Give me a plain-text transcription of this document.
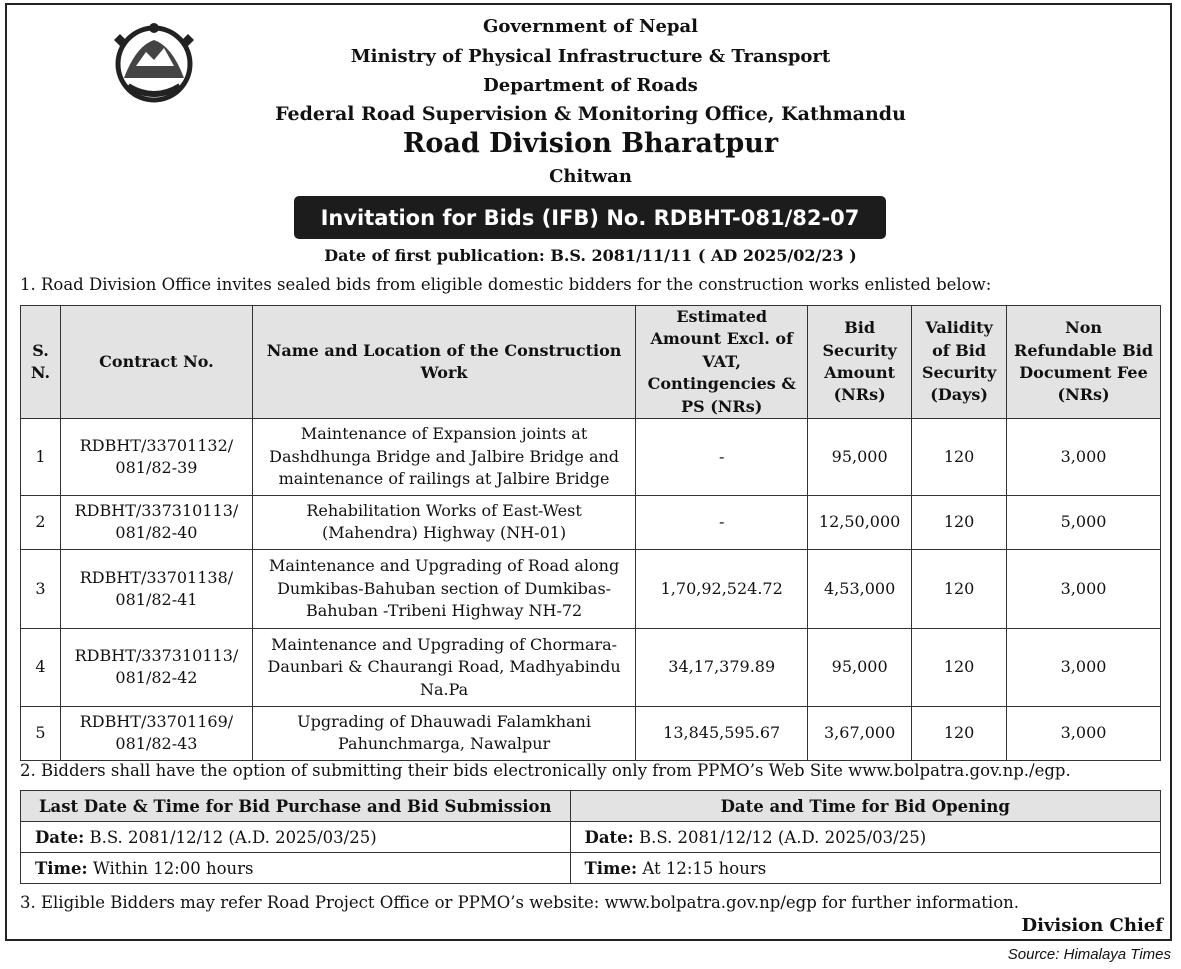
Government of Nepal
Ministry of Physical Infrastructure & Transport
Department of Roads
Federal Road Supervision & Monitoring Office, Kathmandu
Road Division Bharatpur
Chitwan
Invitation for Bids (IFB) No. RDBHT-081/82-07
Date of first publication: B.S. 2081/11/11 ( AD 2025/02/23 )
1. Road Division Office invites sealed bids from eligible domestic bidders for the construction works enlisted below:
S. N.	Contract No.	Name and Location of the Construction Work	Estimated Amount Excl. of VAT, Contingencies & PS (NRs)	Bid Security Amount (NRs)	Validity of Bid Security (Days)	Non Refundable Bid Document Fee (NRs)
1	RDBHT/33701132/ 081/82-39	Maintenance of Expansion joints at Dashdhunga Bridge and Jalbire Bridge and maintenance of railings at Jalbire Bridge	-	95,000	120	3,000
2	RDBHT/337310113/ 081/82-40	Rehabilitation Works of East-West (Mahendra) Highway (NH-01)	-	12,50,000	120	5,000
3	RDBHT/33701138/ 081/82-41	Maintenance and Upgrading of Road along Dumkibas-Bahuban section of Dumkibas-Bahuban -Tribeni Highway NH-72	1,70,92,524.72	4,53,000	120	3,000
4	RDBHT/337310113/ 081/82-42	Maintenance and Upgrading of Chormara-Daunbari & Chaurangi Road, Madhyabindu Na.Pa	34,17,379.89	95,000	120	3,000
5	RDBHT/33701169/ 081/82-43	Upgrading of Dhauwadi Falamkhani Pahunchmarga, Nawalpur	13,845,595.67	3,67,000	120	3,000
2. Bidders shall have the option of submitting their bids electronically only from PPMO’s Web Site www.bolpatra.gov.np./egp.
Last Date & Time for Bid Purchase and Bid Submission	Date and Time for Bid Opening
Date: B.S. 2081/12/12 (A.D. 2025/03/25)	Date: B.S. 2081/12/12 (A.D. 2025/03/25)
Time: Within 12:00 hours	Time: At 12:15 hours
3. Eligible Bidders may refer Road Project Office or PPMO’s website: www.bolpatra.gov.np/egp for further information.
Division Chief
Source: Himalaya Times
